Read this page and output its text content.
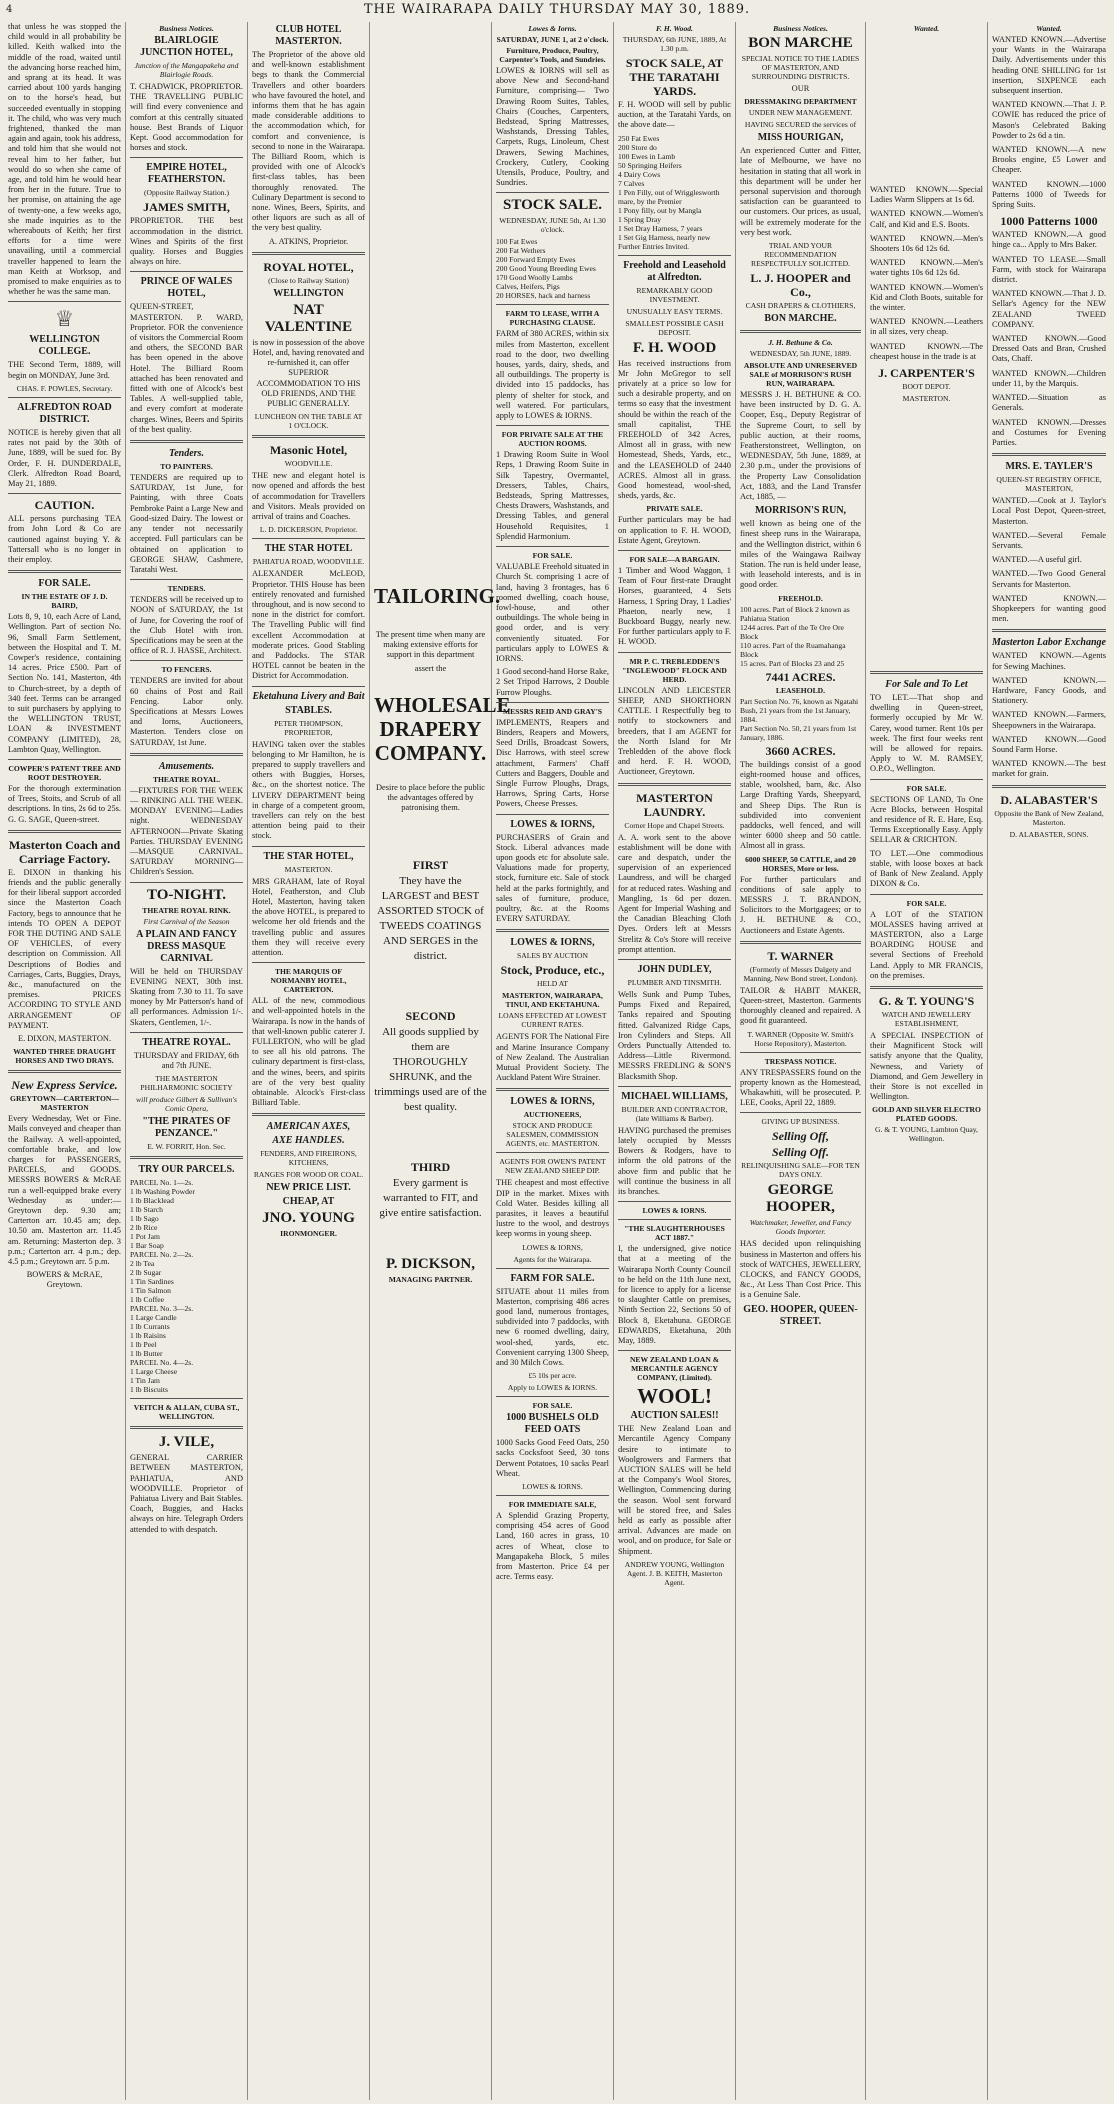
4	THE WAIRARAPA DAILY THURSDAY MAY 30, 1889.

that unless he was stopped the child would in all probability be killed. Keith walked into the middle of the road, waited until the advancing horse reached him, and sprang at its head. It was carried about 100 yards hanging on to the horse's head, but succeeded eventually in stopping it. The child, who was very much frightened, thanked the man again and again, took his address, and told him that she would not reveal him to her father, but would do so when she came of age, and told him he would hear from her in the future. True to her promise, on attaining the age of twenty-one, a few weeks ago, she made inquiries as to the whereabouts of Keith; her first efforts for a time were unavailing, until a commercial traveller happened to learn the man Keith at Worksop, and promised to make enquiries as to whether he was the same man.

♕
WELLINGTON COLLEGE.

THE Second Term, 1889, will begin on MONDAY, June 3rd.

CHAS. F. POWLES, Secretary.

ALFREDTON ROAD DISTRICT.

NOTICE is hereby given that all rates not paid by the 30th of June, 1889, will be sued for. By Order, F. H. DUNDERDALE, Clerk. Alfredton Road Board, May 21, 1889.

CAUTION.

ALL persons purchasing TEA from John Lord & Co are cautioned against buying Y. & Tattersall who is no longer in their employ.

FOR SALE.
IN THE ESTATE OF J. D. BAIRD,

Lots 8, 9, 10, each Acre of Land, Wellington. Part of section No. 96, Small Farm Settlement, between the Hospital and T. M. Cowper's residence, containing 14 acres. Price £500. Part of Section No. 141, Masterton, 4th to Church-street, by a depth of 340 feet. Terms can be arranged to suit purchasers by applying to the WELLINGTON TRUST, LOAN & INVESTMENT COMPANY (LIMITED), 28, Lambton Quay, Wellington.

COWPER'S PATENT TREE AND ROOT DESTROYER.

For the thorough extermination of Trees, Stoits, and Scrub of all descriptions. In tins, 2s 6d to 25s. G. G. SAGE, Queen-street.

Masterton Coach and Carriage Factory.

E. DIXON in thanking his friends and the public generally for their liberal support accorded since the Masterton Coach Factory, begs to announce that he intends TO OPEN A DEPOT FOR THE DUTING AND SALE OF VEHICLES, of every description on Commission. All Descriptions of Bodies and Carriages, Carts, Buggies, Drays, &c., manufactured on the premises. PRICES ACCORDING TO STYLE AND ARRANGEMENT OF PAYMENT.

E. DIXON, MASTERTON.

WANTED THREE DRAUGHT HORSES AND TWO DRAYS.
New Express Service.
GREYTOWN—CARTERTON—MASTERTON

Every Wednesday, Wet or Fine. Mails conveyed and cheaper than the Railway. A well-appointed, comfortable brake, and low charges for PASSENGERS, PARCELS, and GOODS. MESSRS BOWERS & McRAE run a well-equipped brake every Wednesday as under:— Greytown dep. 9.30 am; Carterton arr. 10.45 am; dep. 10.50 am. Masterton arr. 11.45 am. Returning: Masterton dep. 3 p.m.; Carterton arr. 4 p.m.; dep. 4.5 p.m.; Greytown arr. 5 p.m.

BOWERS & McRAE, Greytown.

Business Notices.
BLAIRLOGIE JUNCTION HOTEL,

Junction of the Mangapakeha and Blairlogie Roads.

T. CHADWICK, PROPRIETOR. THE TRAVELLING PUBLIC will find every convenience and comfort at this centrally situated house. Best Brands of Liquor Kept. Good accommodation for horses and stock.

EMPIRE HOTEL, FEATHERSTON.

(Opposite Railway Station.)

JAMES SMITH,

PROPRIETOR. THE best accommodation in the district. Wines and Spirits of the first quality. Horses and Buggies always on hire.

PRINCE OF WALES HOTEL,

QUEEN-STREET, MASTERTON. P. WARD, Proprietor. FOR the convenience of visitors the Commercial Room and others, the SECOND BAR has been opened in the above Hotel. The Billiard Room attached has been renovated and fitted with one of Alcock's best Tables. A well-supplied table, and every comfort at moderate charges. Wines, Beers and Spirits of the best quality.

Tenders.
TO PAINTERS.

TENDERS are required up to SATURDAY, 1st June, for Painting, with three Coats Pembroke Paint a Large New and Good-sized Dairy. The lowest or any tender not necessarily accepted. Full particulars can be obtained on application to GEORGE SHAW, Cashmere, Taratahi West.

TENDERS.

TENDERS will be received up to NOON of SATURDAY, the 1st of June, for Covering the roof of the Club Hotel with iron. Specifications may be seen at the office of R. J. HASSE, Architect.

TO FENCERS.

TENDERS are invited for about 60 chains of Post and Rail Fencing. Labor only. Specifications at Messrs Lowes and Iorns, Auctioneers, Masterton. Tenders close on SATURDAY, 1st June.

Amusements.
THEATRE ROYAL.

—FIXTURES FOR THE WEEK— RINKING ALL THE WEEK. MONDAY EVENING—Ladies night. WEDNESDAY AFTERNOON—Private Skating Parties. THURSDAY EVENING—MASQUE CARNIVAL. SATURDAY MORNING—Children's Session.

TO-NIGHT.
THEATRE ROYAL RINK.

First Carnival of the Season

A PLAIN AND FANCY DRESS MASQUE CARNIVAL

Will be held on THURSDAY EVENING NEXT, 30th inst. Skating from 7.30 to 11. To save money by Mr Patterson's hand of all performances. Admission 1/-. Skaters, Gentlemen, 1/-.

THEATRE ROYAL.

THURSDAY and FRIDAY, 6th and 7th JUNE.

THE MASTERTON PHILHARMONIC SOCIETY

will produce Gilbert & Sullivan's Comic Opera,

"THE PIRATES OF PENZANCE."

E. W. FORRIT, Hon. Sec.

TRY OUR PARCELS.

PARCEL No. 1—2s.

1 lb Washing Powder

1 lb Blacklead

1 lb Starch

1 lb Sago

2 lb Rice

1 Pot Jam

1 Bar Soap

PARCEL No. 2—2s.

2 lb Tea

2 lb Sugar

1 Tin Sardines

1 Tin Salmon

1 lb Coffee

PARCEL No. 3—2s.

1 Large Candle

1 lb Currants

1 lb Raisins

1 lb Peel

1 lb Butter

PARCEL No. 4—2s.

1 Large Cheese

1 Tin Jam

1 lb Biscuits

VEITCH & ALLAN, CUBA ST., WELLINGTON.
J. VILE,

GENERAL CARRIER BETWEEN MASTERTON, PAHIATUA, AND WOODVILLE. Proprietor of Pahiatua Livery and Bait Stables. Coach, Buggies, and Hacks always on hire. Telegraph Orders attended to with despatch.

CLUB HOTEL MASTERTON.

The Proprietor of the above old and well-known establishment begs to thank the Commercial Travellers and other boarders who have favoured the hotel, and informs them that he has again made considerable additions to the accommodation which, for comfort and convenience, is second to none in the Wairarapa. The Billiard Room, which is provided with one of Alcock's first-class tables, has been thoroughly renovated. The Culinary Department is second to none. Wines, Beers, Spirits, and other liquors are such as all of the very best quality.

A. ATKINS, Proprietor.

ROYAL HOTEL,

(Close to Railway Station)

WELLINGTON
NAT VALENTINE

is now in possession of the above Hotel, and, having renovated and re-furnished it, can offer SUPERIOR ACCOMMODATION TO HIS OLD FRIENDS, AND THE PUBLIC GENERALLY.

LUNCHEON ON THE TABLE AT 1 O'CLOCK.

Masonic Hotel,

WOODVILLE.

THE new and elegant hotel is now opened and affords the best of accommodation for Travellers and Visitors. Meals provided on arrival of trains and Coaches.

L. D. DICKERSON, Proprietor.

THE STAR HOTEL

PAHIATUA ROAD, WOODVILLE.

ALEXANDER McLEOD, Proprietor. THIS House has been entirely renovated and furnished throughout, and is now second to none in the district for comfort. The Travelling Public will find excellent Accommodation at moderate prices. Good Stabling and Paddocks. The STAR HOTEL cannot be beaten in the District for Accommodation.

Eketahuna Livery and Bait
STABLES.

PETER THOMPSON, PROPRIETOR,

HAVING taken over the stables belonging to Mr Hamilton, he is prepared to supply travellers and others with Buggies, Horses, &c., on the shortest notice. The LIVERY DEPARTMENT being in charge of a competent groom, travellers can rely on the best attention being paid to their stock.

THE STAR HOTEL,

MASTERTON.

MRS GRAHAM, late of Royal Hotel, Featherston, and Club Hotel, Masterton, having taken the above HOTEL, is prepared to welcome her old friends and the travelling public and assures them they will receive every attention.

THE MARQUIS OF NORMANBY HOTEL, CARTERTON.

ALL of the new, commodious and well-appointed hotels in the Wairarapa. Is now in the hands of that well-known public caterer J. FULLERTON, who will be glad to see all his old patrons. The culinary department is first-class, and the wines, beers, and spirits are of the very best quality obtainable. Alcock's First-class Billiard Table.

AMERICAN AXES,
AXE HANDLES.

FENDERS, AND FIREIRONS, KITCHENS,

RANGES FOR WOOD OR COAL.

NEW PRICE LIST.
CHEAP, AT
JNO. YOUNG
IRONMONGER.
TAILORING.

The present time when many are making extensive efforts for support in this department

assert the

WHOLESALE DRAPERY COMPANY.

Desire to place before the public the advantages offered by patronising them.

FIRST

They have the LARGEST and BEST ASSORTED STOCK of TWEEDS COATINGS AND SERGES in the district.

SECOND

All goods supplied by them are THOROUGHLY SHRUNK, and the trimmings used are of the best quality.

THIRD

Every garment is warranted to FIT, and give entire satisfaction.

P. DICKSON,
MANAGING PARTNER.
Lowes & Iorns.
SATURDAY, JUNE 1, at 2 o'clock.
Furniture, Produce, Poultry, Carpenter's Tools, and Sundries.

LOWES & IORNS will sell as above New and Second-hand Furniture, comprising— Two Drawing Room Suites, Tables, Chairs (Couches, Carpenters, Bedstead, Spring Mattresses, Washstands, Dressing Tables, Carpets, Rugs, Linoleum, Chest Drawers, Sewing Machines, Crockery, Cutlery, Cooking Utensils, Produce, Poultry, and Sundries.

STOCK SALE.

WEDNESDAY, JUNE 5th, At 1.30 o'clock.

100 Fat Ewes

200 Fat Wethers

200 Forward Empty Ewes

200 Good Young Breeding Ewes

170 Good Woolly Lambs

Calves, Heifers, Pigs

20 HORSES, hack and harness

FARM TO LEASE, WITH A PURCHASING CLAUSE.

FARM of 380 ACRES, within six miles from Masterton, excellent road to the door, two dwelling houses, yards, dairy, sheds, and all outbuildings. The property is divided into 15 paddocks, has plenty of shelter for stock, and well watered. For particulars, apply to LOWES & IORNS.

FOR PRIVATE SALE AT THE AUCTION ROOMS.

1 Drawing Room Suite in Wool Reps, 1 Drawing Room Suite in Silk Tapestry, Overmantel, Dressers, Tables, Chairs, Bedsteads, Spring Mattresses, Chests Drawers, Washstands, and Dressing Tables, and general Household Requisites, 1 Splendid Harmonium.

FOR SALE.

VALUABLE Freehold situated in Church St. comprising 1 acre of land, having 3 frontages, has 6 roomed dwelling, coach house, fowl-house, and other outbuildings. The whole being in good order, and is very conveniently situated. For particulars apply to LOWES & IORNS.

1 Good second-hand Horse Rake, 2 Set Tripod Harrows, 2 Double Furrow Ploughs.

MESSRS REID AND GRAY'S

IMPLEMENTS, Reapers and Binders, Reapers and Mowers, Seed Drills, Broadcast Sowers, Disc Harrows, with steel screw attachment, Farmers' Chaff Cutters and Baggers, Double and Single Furrow Ploughs, Drags, Harrows, Spring Carts, Horse Powers, Cheese Presses.

LOWES & IORNS,

PURCHASERS of Grain and Stock. Liberal advances made upon goods etc for absolute sale. Valuations made for property, stock, furniture etc. Sale of stock held at the parks fortnightly, and sales of furniture, produce, poultry, &c. at the Rooms EVERY SATURDAY.

LOWES & IORNS,

SALES BY AUCTION

Stock, Produce, etc.,

HELD AT

MASTERTON, WAIRARAPA, TINUI, AND EKETAHUNA.

LOANS EFFECTED AT LOWEST CURRENT RATES.

AGENTS FOR The National Fire and Marine Insurance Company of New Zealand. The Australian Mutual Provident Society. The Auckland Patent Wire Strainer.

LOWES & IORNS,
AUCTIONEERS,

STOCK AND PRODUCE SALESMEN, COMMISSION AGENTS, etc. MASTERTON.

AGENTS FOR OWEN'S PATENT NEW ZEALAND SHEEP DIP.

THE cheapest and most effective DIP in the market. Mixes with Cold Water. Besides killing all parasites, it leaves a beautiful lustre to the wool, and destroys keep worms in young sheep.

LOWES & IORNS,

Agents for the Wairarapa.

FARM FOR SALE.

SITUATE about 11 miles from Masterton, comprising 486 acres good land, numerous frontages, subdivided into 7 paddocks, with new 6 roomed dwelling, dairy, wool-shed, yards, etc. Convenient carrying 1300 Sheep, and 30 Milch Cows.

£5 10s per acre.

Apply to LOWES & IORNS.

FOR SALE.
1000 BUSHELS OLD FEED OATS

1000 Sacks Good Feed Oats, 250 sacks Cocksfoot Seed, 30 tons Derwent Potatoes, 10 sacks Pearl Wheat.

LOWES & IORNS.

FOR IMMEDIATE SALE,

A Splendid Grazing Property, comprising 454 acres of Good Land, 160 acres in grass, 10 acres of Wheat, close to Mangapakeha Block, 5 miles from Masterton. Price £4 per acre. Terms easy.

F. H. Wood.

THURSDAY, 6th JUNE, 1889, At 1.30 p.m.

STOCK SALE, AT THE TARATAHI YARDS.

F. H. WOOD will sell by public auction, at the Taratahi Yards, on the above date—

250 Fat Ewes

200 Store do

100 Ewes in Lamb

50 Springing Heifers

4 Dairy Cows

7 Calves

1 Pen Filly, out of Wrigglesworth mare, by the Premier

1 Pony filly, out by Mangla

1 Spring Dray

1 Set Dray Harness, 7 years

1 Set Gig Harness, nearly new

Further Entries Invited.

Freehold and Leasehold at Alfredton.

REMARKABLY GOOD INVESTMENT.

UNUSUALLY EASY TERMS.

SMALLEST POSSIBLE CASH DEPOSIT.

F. H. WOOD

Has received instructions from Mr John McGregor to sell privately at a price so low for such a desirable property, and on terms so easy that the investment should be within the reach of the small capitalist, THE FREEHOLD of 342 Acres, Almost all in grass, with new Homestead, Sheds, Yards, etc., and the LEASEHOLD of 2440 ACRES. Almost all in grass. Good homestead, wool-shed, sheds, yards, &c.

PRIVATE SALE.

Further particulars may be had on application to F. H. WOOD, Estate Agent, Greytown.

FOR SALE—A BARGAIN.

1 Timber and Wood Waggon, 1 Team of Four first-rate Draught Horses, guaranteed, 4 Sets Harness, 1 Spring Dray, 1 Ladies' Phaeton, nearly new, 1 Buckboard Buggy, nearly new. For further particulars apply to F. H. WOOD.

MR P. C. TREBLEDDEN'S "INGLEWOOD" FLOCK AND HERD.

LINCOLN AND LEICESTER SHEEP, AND SHORTHORN CATTLE. I Respectfully beg to notify to stockowners and breeders, that I am AGENT for the North Island for Mr Trebledden of the above flock and herd. F. H. WOOD, Auctioneer, Greytown.

MASTERTON LAUNDRY.

Corner Hope and Chapel Streets.

A. A. work sent to the above establishment will be done with care and despatch, under the supervision of an experienced Laundress, and will be charged for at reduced rates. Washing and Mangling, 1s 6d per dozen. Agent for Imperial Washing and the Canadian Bleaching Cloth Dyes. Orders left at Messrs Strelitz & Co's Store will receive prompt attention.

JOHN DUDLEY,

PLUMBER AND TINSMITH.

Wells Sunk and Pump Tubes, Pumps Fixed and Repaired, Tanks repaired and Spouting fitted. Galvanized Ridge Caps, Iron Cylinders and Steps. All Orders Punctually Attended to. Address—Little Rivermond. MESSRS FREDLING & SON'S Blacksmith Shop.

MICHAEL WILLIAMS,

BUILDER AND CONTRACTOR, (late Williams & Barber).

HAVING purchased the premises lately occupied by Messrs Bowers & Rodgers, have to inform the old patrons of the above firm and public that he will continue the business in all its branches.

LOWES & IORNS.
"THE SLAUGHTERHOUSES ACT 1887."

I, the undersigned, give notice that at a meeting of the Wairarapa North County Council to be held on the 11th June next, for licence to apply for a license to slaughter Cattle on premises, Ninth Section 22, Sections 50 of Block 8, Eketahuna. GEORGE EDWARDS, Eketahuna, 20th May, 1889.

NEW ZEALAND LOAN & MERCANTILE AGENCY COMPANY, (Limited).
WOOL!
AUCTION SALES!!

THE New Zealand Loan and Mercantile Agency Company desire to intimate to Woolgrowers and Farmers that AUCTION SALES will be held at the Company's Wool Stores, Wellington, Commencing during the season. Wool sent forward will be stored free, and Sales held as early as possible after arrival. Advances are made on wool, and on produce, for Sale or Shipment.

ANDREW YOUNG, Wellington Agent. J. B. KEITH, Masterton Agent.

Business Notices.
BON MARCHE

SPECIAL NOTICE TO THE LADIES OF MASTERTON, AND SURROUNDING DISTRICTS.

OUR

DRESSMAKING DEPARTMENT

UNDER NEW MANAGEMENT.

HAVING SECURED the services of

MISS HOURIGAN,

An experienced Cutter and Fitter, late of Melbourne, we have no hesitation in stating that all work in this department will be under her personal supervision and thorough satisfaction can be guaranteed to our customers. Our prices, as usual, will be extremely moderate for the very best work.

TRIAL AND YOUR RECOMMENDATION RESPECTFULLY SOLICITED.

L. J. HOOPER and Co.,

CASH DRAPERS & CLOTHIERS,

BON MARCHE.
J. H. Bethune & Co.

WEDNESDAY, 5th JUNE, 1889.

ABSOLUTE AND UNRESERVED SALE of MORRISON'S RUSH RUN, WAIRARAPA.

MESSRS J. H. BETHUNE & CO. have been instructed by D. G. A. Cooper, Esq., Deputy Registrar of the Supreme Court, to sell by public auction, at their rooms, Featherstonstreet, Wellington, on WEDNESDAY, 5th June, 1889, at 2.30 p.m., under the provisions of the Property Law Consolidation Act, 1883, and the Land Transfer Act, 1885, —

MORRISON'S RUN,

well known as being one of the finest sheep runs in the Wairarapa, and the Wellington district, within 6 miles of the Waingawa Railway Station. The run is held under lease, with leasehold interests, and is in good order.

FREEHOLD.

100 acres. Part of Block 2 known as Pahiatua Station

1244 acres. Part of the Te Ore Ore Block

110 acres. Part of the Ruamahanga Block

15 acres. Part of Blocks 23 and 25

7441 ACRES.
LEASEHOLD.

Part Section No. 76, known as Ngatahi Bush, 21 years from the 1st January, 1884.

Part Section No. 50, 21 years from 1st January, 1886.

3660 ACRES.

The buildings consist of a good eight-roomed house and offices, stable, woolshed, barn, &c. Also Large Drafting Yards, Sheepyard, and Sheep Dips. The Run is subdivided into convenient paddocks, well fenced, and will winter 6000 sheep and 50 cattle. Almost all in grass.

6000 SHEEP, 50 CATTLE, and 20 HORSES, More or less.

For further particulars and conditions of sale apply to MESSRS J. T. BRANDON, Solicitors to the Mortgagees; or to J. H. BETHUNE & CO., Auctioneers and Estate Agents.

T. WARNER

(Formerly of Messrs Dalgety and Manning, New Bond street, London).

TAILOR & HABIT MAKER, Queen-street, Masterton. Garments thoroughly cleaned and repaired. A good fit guaranteed.

T. WARNER (Opposite W. Smith's Horse Repository), Masterton.

TRESPASS NOTICE.

ANY TRESPASSERS found on the property known as the Homestead, Whakawhiti, will be prosecuted. P. LEE, Cooks, April 22, 1889.

GIVING UP BUSINESS.

Selling Off,
Selling Off.

RELINQUISHING SALE—FOR TEN DAYS ONLY.

GEORGE HOOPER,

Watchmaker, Jeweller, and Fancy Goods Importer.

HAS decided upon relinquishing business in Masterton and offers his stock of WATCHES, JEWELLERY, CLOCKS, and FANCY GOODS, &c., At Less Than Cost Price. This is a Genuine Sale.

GEO. HOOPER, QUEEN-STREET.
Wanted.

WANTED KNOWN.—Special Ladies Warm Slippers at 1s 6d.

WANTED KNOWN.—Women's Calf, and Kid and E.S. Boots.

WANTED KNOWN.—Men's Shooters 10s 6d 12s 6d.

WANTED KNOWN.—Men's water tights 10s 6d 12s 6d.

WANTED KNOWN.—Women's Kid and Cloth Boots, suitable for the winter.

WANTED KNOWN.—Leathers in all sizes, very cheap.

WANTED KNOWN.—The cheapest house in the trade is at

J. CARPENTER'S

BOOT DEPOT.

MASTERTON.

For Sale and To Let

TO LET.—That shop and dwelling in Queen-street, formerly occupied by Mr W. Carey, wood turner. Rent 10s per week. The first four weeks rent will be allowed for repairs. Apply to W. M. RAMSEY, O.P.O., Wellington.

FOR SALE.

SECTIONS OF LAND, To One Acre Blocks, between Hospital and residence of R. E. Hare, Esq. Terms Exceptionally Easy. Apply SELLAR & CRICHTON.

TO LET.—One commodious stable, with loose boxes at back of Bank of New Zealand. Apply DIXON & Co.

FOR SALE.

A LOT of the STATION MOLASSES having arrived at MASTERTON, also a Large BOARDING HOUSE and several Sections of Freehold Land. Apply to MR FRANCIS, on the premises.

G. & T. YOUNG'S

WATCH AND JEWELLERY ESTABLISHMENT,

A SPECIAL INSPECTION of their Magnificent Stock will satisfy anyone that the Quality, Newness, and Variety of Diamond, and Gem Jewellery in their Store is not excelled in Wellington.

GOLD AND SILVER ELECTRO PLATED GOODS.

G. & T. YOUNG, Lambton Quay, Wellington.

Wanted.

WANTED KNOWN.—Advertise your Wants in the Wairarapa Daily. Advertisements under this heading ONE SHILLING for 1st insertion, SIXPENCE each subsequent insertion.

WANTED KNOWN.—That J. P. COWIE has reduced the price of Mason's Celebrated Baking Powder to 2s 6d a tin.

WANTED KNOWN.—A new Brooks engine, £5 Lower and Cheaper.

WANTED KNOWN.—1000 Patterns 1000 of Tweeds for Spring Suits.

1000 Patterns 1000

WANTED KNOWN.—A good hinge ca... Apply to Mrs Baker.

WANTED TO LEASE.—Small Farm, with stock for Wairarapa district.

WANTED KNOWN.—That J. D. Sellar's Agency for the NEW ZEALAND TWEED COMPANY.

WANTED KNOWN.—Good Dressed Oats and Bran, Crushed Oats, Chaff.

WANTED KNOWN.—Children under 11, by the Marquis.

WANTED.—Situation as Generals.

WANTED KNOWN.—Dresses and Costumes for Evening Parties.

MRS. E. TAYLER'S

QUEEN-ST REGISTRY OFFICE, MASTERTON,

WANTED.—Cook at J. Taylor's Local Post Depot, Queen-street, Masterton.

WANTED.—Several Female Servants.

WANTED.—A useful girl.

WANTED.—Two Good General Servants for Masterton.

WANTED KNOWN.—Shopkeepers for wanting good men.

Masterton Labor Exchange

WANTED KNOWN.—Agents for Sewing Machines.

WANTED KNOWN.—Hardware, Fancy Goods, and Stationery.

WANTED KNOWN.—Farmers, Sheepowners in the Wairarapa.

WANTED KNOWN.—Good Sound Farm Horse.

WANTED KNOWN.—The best market for grain.

D. ALABASTER'S

Opposite the Bank of New Zealand, Masterton.

D. ALABASTER, SONS.
